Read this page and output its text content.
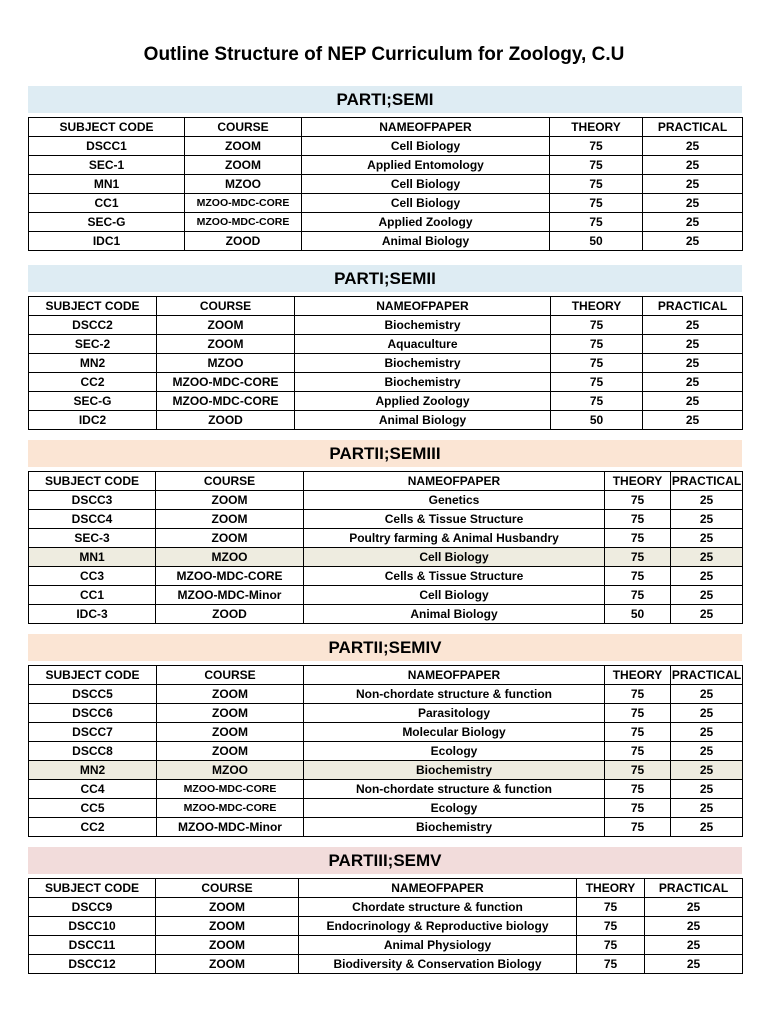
Outline Structure of NEP Curriculum for Zoology, C.U
PARTI;SEMI
SUBJECT CODE	COURSE	NAMEOFPAPER	THEORY	PRACTICAL
DSCC1	ZOOM	Cell Biology	75	25
SEC-1	ZOOM	Applied Entomology	75	25
MN1	MZOO	Cell Biology	75	25
CC1	MZOO-MDC-CORE	Cell Biology	75	25
SEC-G	MZOO-MDC-CORE	Applied Zoology	75	25
IDC1	ZOOD	Animal Biology	50	25
PARTI;SEMII
SUBJECT CODE	COURSE	NAMEOFPAPER	THEORY	PRACTICAL
DSCC2	ZOOM	Biochemistry	75	25
SEC-2	ZOOM	Aquaculture	75	25
MN2	MZOO	Biochemistry	75	25
CC2	MZOO-MDC-CORE	Biochemistry	75	25
SEC-G	MZOO-MDC-CORE	Applied Zoology	75	25
IDC2	ZOOD	Animal Biology	50	25
PARTII;SEMIII
SUBJECT CODE	COURSE	NAMEOFPAPER	THEORY	PRACTICAL
DSCC3	ZOOM	Genetics	75	25
DSCC4	ZOOM	Cells & Tissue Structure	75	25
SEC-3	ZOOM	Poultry farming & Animal Husbandry	75	25
MN1	MZOO	Cell Biology	75	25
CC3	MZOO-MDC-CORE	Cells & Tissue Structure	75	25
CC1	MZOO-MDC-Minor	Cell Biology	75	25
IDC-3	ZOOD	Animal Biology	50	25
PARTII;SEMIV
SUBJECT CODE	COURSE	NAMEOFPAPER	THEORY	PRACTICAL
DSCC5	ZOOM	Non-chordate structure & function	75	25
DSCC6	ZOOM	Parasitology	75	25
DSCC7	ZOOM	Molecular Biology	75	25
DSCC8	ZOOM	Ecology	75	25
MN2	MZOO	Biochemistry	75	25
CC4	MZOO-MDC-CORE	Non-chordate structure & function	75	25
CC5	MZOO-MDC-CORE	Ecology	75	25
CC2	MZOO-MDC-Minor	Biochemistry	75	25
PARTIII;SEMV
SUBJECT CODE	COURSE	NAMEOFPAPER	THEORY	PRACTICAL
DSCC9	ZOOM	Chordate structure & function	75	25
DSCC10	ZOOM	Endocrinology & Reproductive biology	75	25
DSCC11	ZOOM	Animal Physiology	75	25
DSCC12	ZOOM	Biodiversity & Conservation Biology	75	25
